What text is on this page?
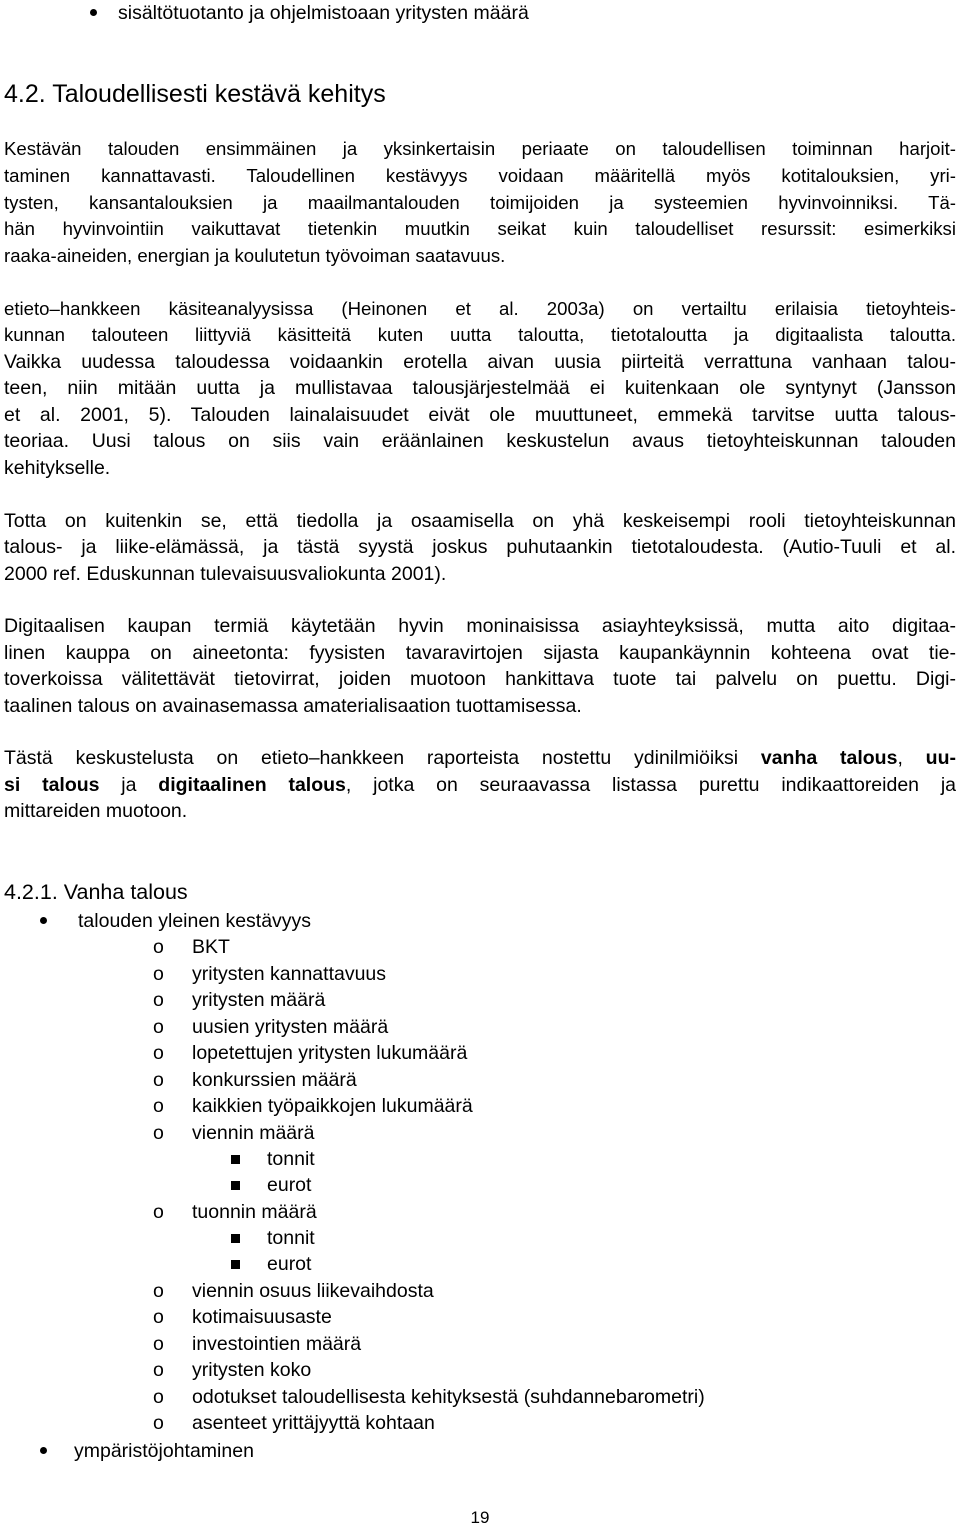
sisältötuotanto ja ohjelmistoaan yritysten määrä
4.2. Taloudellisesti kestävä kehitys
Kestävän talouden ensimmäinen ja yksinkertaisin periaate on taloudellisen toiminnan harjoit-
taminen kannattavasti. Taloudellinen kestävyys voidaan määritellä myös kotitalouksien, yri-
tysten, kansantalouksien ja maailmantalouden toimijoiden ja systeemien hyvinvoinniksi. Tä-
hän hyvinvointiin vaikuttavat tietenkin muutkin seikat kuin taloudelliset resurssit: esimerkiksi
raaka-aineiden, energian ja koulutetun työvoiman saatavuus.
etieto–hankkeen käsiteanalyysissa (Heinonen et al. 2003a) on vertailtu erilaisia tietoyhteis-
kunnan talouteen liittyviä käsitteitä kuten uutta taloutta, tietotaloutta ja digitaalista taloutta.
Vaikka uudessa taloudessa voidaankin erotella aivan uusia piirteitä verrattuna vanhaan talou-
teen, niin mitään uutta ja mullistavaa talousjärjestelmää ei kuitenkaan ole syntynyt (Jansson
et al. 2001, 5). Talouden lainalaisuudet eivät ole muuttuneet, emmekä tarvitse uutta talous-
teoriaa. Uusi talous on siis vain eräänlainen keskustelun avaus tietoyhteiskunnan talouden
kehitykselle.
Totta on kuitenkin se, että tiedolla ja osaamisella on yhä keskeisempi rooli tietoyhteiskunnan
talous- ja liike-elämässä, ja tästä syystä joskus puhutaankin tietotaloudesta. (Autio-Tuuli et al.
2000 ref. Eduskunnan tulevaisuusvaliokunta 2001).
Digitaalisen kaupan termiä käytetään hyvin moninaisissa asiayhteyksissä, mutta aito digitaa-
linen kauppa on aineetonta: fyysisten tavaravirtojen sijasta kaupankäynnin kohteena ovat tie-
toverkoissa välitettävät tietovirrat, joiden muotoon hankittava tuote tai palvelu on puettu. Digi-
taalinen talous on avainasemassa amaterialisaation tuottamisessa.
Tästä keskustelusta on etieto–hankkeen raporteista nostettu ydinilmiöiksi vanha talous, uu-
si talous ja digitaalinen talous, jotka on seuraavassa listassa purettu indikaattoreiden ja
mittareiden muotoon.
4.2.1. Vanha talous
talouden yleinen kestävyys
o BKT
o yritysten kannattavuus
o yritysten määrä
o uusien yritysten määrä
o lopetettujen yritysten lukumäärä
o konkurssien määrä
o kaikkien työpaikkojen lukumäärä
o viennin määrä
tonnit
eurot
o tuonnin määrä
tonnit
eurot
o viennin osuus liikevaihdosta
o kotimaisuusaste
o investointien määrä
o yritysten koko
o odotukset taloudellisesta kehityksestä (suhdannebarometri)
o asenteet yrittäjyyttä kohtaan
ympäristöjohtaminen
19
